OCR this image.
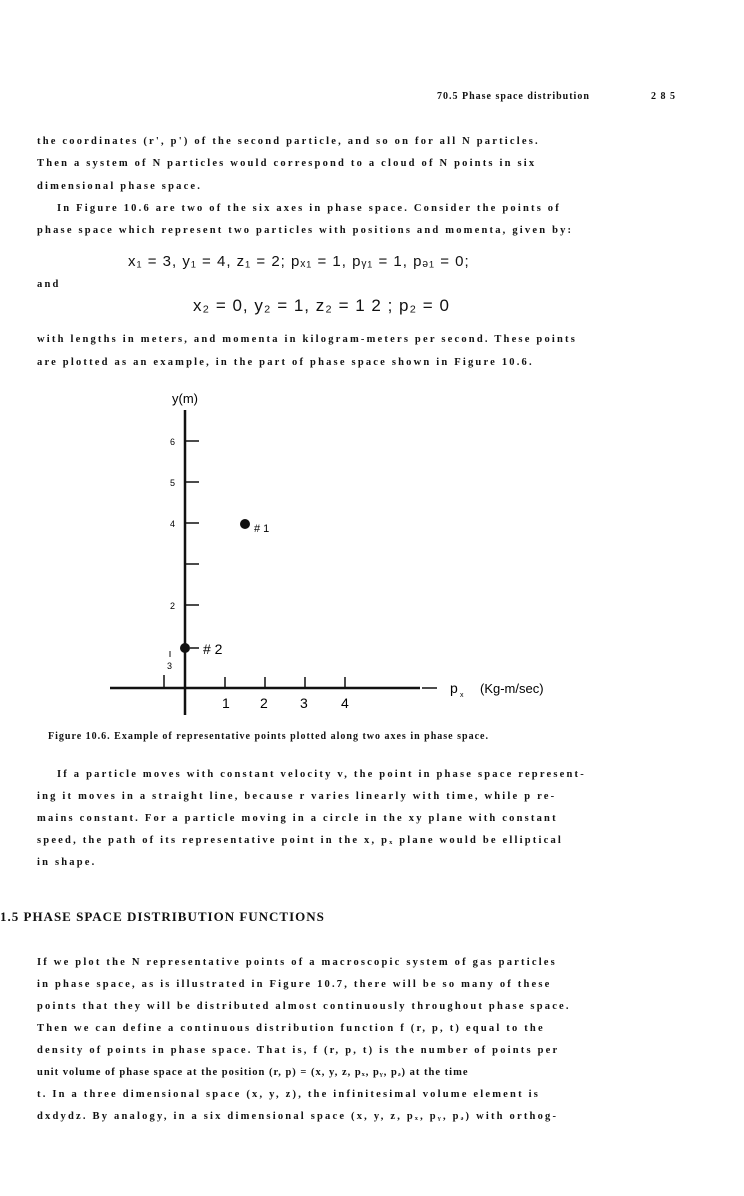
70.5 Phase space distribution	2 8 5
the coordinates (r', p') of the second particle, and so on for all N particles.
Then a system of N particles would correspond to a cloud of N points in six
dimensional phase space.
In Figure 10.6 are two of the six axes in phase space. Consider the points of
phase space which represent two particles with positions and momenta, given by:
x₁ = 3, y₁ = 4, z₁ = 2; pₓ₁ = 1, pᵧ₁ = 1, pₔ₁ = 0;
and
x₂ = 0, y₂ = 1, z₂ = 1 2 ; p₂ = 0
with lengths in meters, and momenta in kilogram-meters per second. These points
are plotted as an example, in the part of phase space shown in Figure 10.6.
y(m)
p x (Kg-m/sec)
6
5
4
2
3
1 2 3 4
# 1
# 2
Figure 10.6. Example of representative points plotted along two axes in phase space.
If a particle moves with constant velocity v, the point in phase space represent-
ing it moves in a straight line, because r varies linearly with time, while p re-
mains constant. For a particle moving in a circle in the xy plane with constant
speed, the path of its representative point in the x, pₓ plane would be elliptical
in shape.
1.5 PHASE SPACE DISTRIBUTION FUNCTIONS
If we plot the N representative points of a macroscopic system of gas particles
in phase space, as is illustrated in Figure 10.7, there will be so many of these
points that they will be distributed almost continuously throughout phase space.
Then we can define a continuous distribution function f (r, p, t) equal to the
density of points in phase space. That is, f (r, p, t) is the number of points per
unit volume of phase space at the position (r, p) = (x, y, z, pₓ, pᵧ, pₔ) at the time
t. In a three dimensional space (x, y, z), the infinitesimal volume element is
dxdydz. By analogy, in a six dimensional space (x, y, z, pₓ, pᵧ, pₔ) with orthog-
